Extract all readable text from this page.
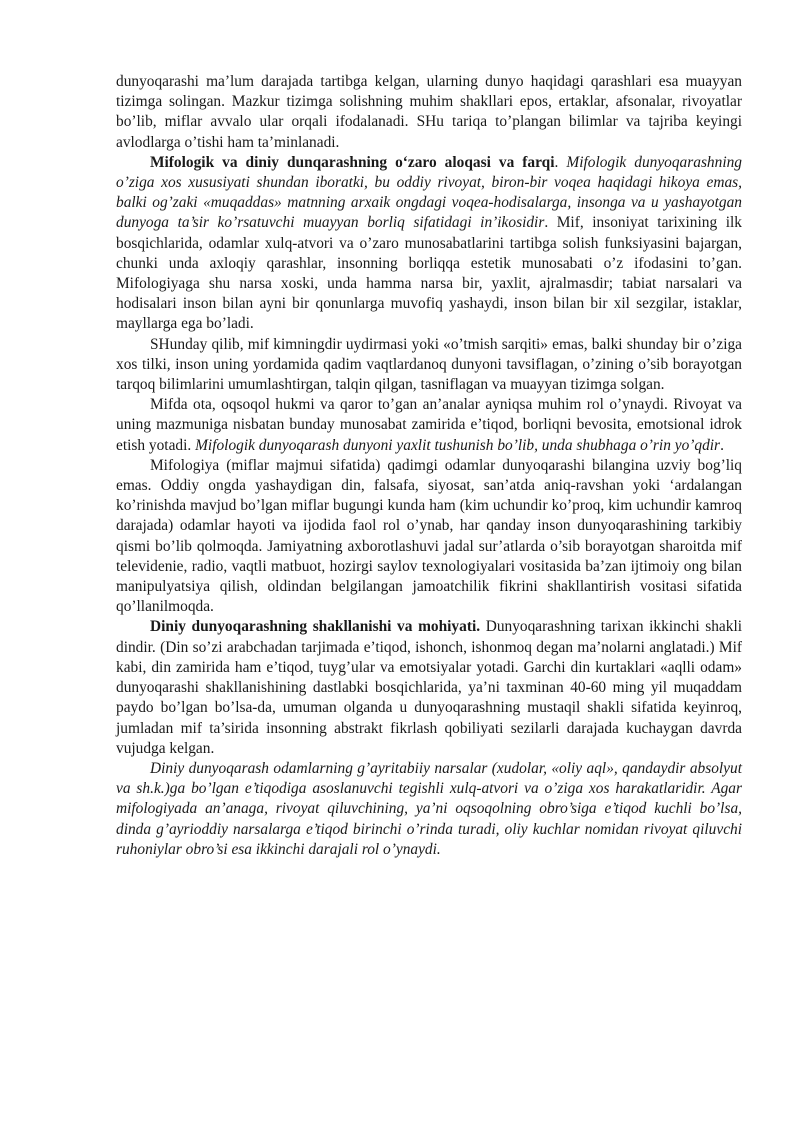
dunyoqarashi ma’lum darajada tartibga kelgan, ularning dunyo haqidagi qarashlari esa muayyan tizimga solingan. Mazkur tizimga solishning muhim shakllari epos, ertaklar, afsonalar, rivoyatlar bo’lib, miflar avvalo ular orqali ifodalanadi. SHu tariqa to’plangan bilimlar va tajriba keyingi avlodlarga o’tishi ham ta’minlanadi.

Mifologik va diniy dunqarashning o‘zaro aloqasi va farqi. Mifologik dunyoqarashning o’ziga xos xususiyati shundan iboratki, bu oddiy rivoyat, biron-bir voqea haqidagi hikoya emas, balki og’zaki «muqaddas» matnning arxaik ongdagi voqea-hodisalarga, insonga va u yashayotgan dunyoga ta’sir ko’rsatuvchi muayyan borliq sifatidagi in’ikosidir. Mif, insoniyat tarixining ilk bosqichlarida, odamlar xulq-atvori va o’zaro munosabatlarini tartibga solish funksiyasini bajargan, chunki unda axloqiy qarashlar, insonning borliqqa estetik munosabati o’z ifodasini to’gan. Mifologiyaga shu narsa xoski, unda hamma narsa bir, yaxlit, ajralmasdir; tabiat narsalari va hodisalari inson bilan ayni bir qonunlarga muvofiq yashaydi, inson bilan bir xil sezgilar, istaklar, mayllarga ega bo’ladi.

SHunday qilib, mif kimningdir uydirmasi yoki «o’tmish sarqiti» emas, balki shunday bir o’ziga xos tilki, inson uning yordamida qadim vaqtlardanoq dunyoni tavsiflagan, o’zining o’sib borayotgan tarqoq bilimlarini umumlashtirgan, talqin qilgan, tasniflagan va muayyan tizimga solgan.

Mifda ota, oqsoqol hukmi va qaror to’gan an’analar ayniqsa muhim rol o’ynaydi. Rivoyat va uning mazmuniga nisbatan bunday munosabat zamirida e’tiqod, borliqni bevosita, emotsional idrok etish yotadi. Mifologik dunyoqarash dunyoni yaxlit tushunish bo’lib, unda shubhaga o’rin yo’qdir.

Mifologiya (miflar majmui sifatida) qadimgi odamlar dunyoqarashi bilangina uzviy bog’liq emas. Oddiy ongda yashaydigan din, falsafa, siyosat, san’atda aniq-ravshan yoki ‘ardalangan ko’rinishda mavjud bo’lgan miflar bugungi kunda ham (kim uchundir ko’proq, kim uchundir kamroq darajada) odamlar hayoti va ijodida faol rol o’ynab, har qanday inson dunyoqarashining tarkibiy qismi bo’lib qolmoqda. Jamiyatning axborotlashuvi jadal sur’atlarda o’sib borayotgan sharoitda mif televidenie, radio, vaqtli matbuot, hozirgi saylov texnologiyalari vositasida ba’zan ijtimoiy ong bilan manipulyatsiya qilish, oldindan belgilangan jamoatchilik fikrini shakllantirish vositasi sifatida qo’llanilmoqda.

Diniy dunyoqarashning shakllanishi va mohiyati. Dunyoqarashning tarixan ikkinchi shakli dindir. (Din so’zi arabchadan tarjimada e’tiqod, ishonch, ishonmoq degan ma’nolarni anglatadi.) Mif kabi, din zamirida ham e’tiqod, tuyg’ular va emotsiyalar yotadi. Garchi din kurtaklari «aqlli odam» dunyoqarashi shakllanishining dastlabki bosqichlarida, ya’ni taxminan 40-60 ming yil muqaddam paydo bo’lgan bo’lsa-da, umuman olganda u dunyoqarashning mustaqil shakli sifatida keyinroq, jumladan mif ta’sirida insonning abstrakt fikrlash qobiliyati sezilarli darajada kuchaygan davrda vujudga kelgan.

Diniy dunyoqarash odamlarning g’ayritabiiy narsalar (xudolar, «oliy aql», qandaydir absolyut va sh.k.)ga bo’lgan e’tiqodiga asoslanuvchi tegishli xulq-atvori va o’ziga xos harakatlaridir. Agar mifologiyada an’anaga, rivoyat qiluvchining, ya’ni oqsoqolning obro’siga e’tiqod kuchli bo’lsa, dinda g’ayrioddiy narsalarga e’tiqod birinchi o’rinda turadi, oliy kuchlar nomidan rivoyat qiluvchi ruhoniylar obro’si esa ikkinchi darajali rol o’ynaydi.
